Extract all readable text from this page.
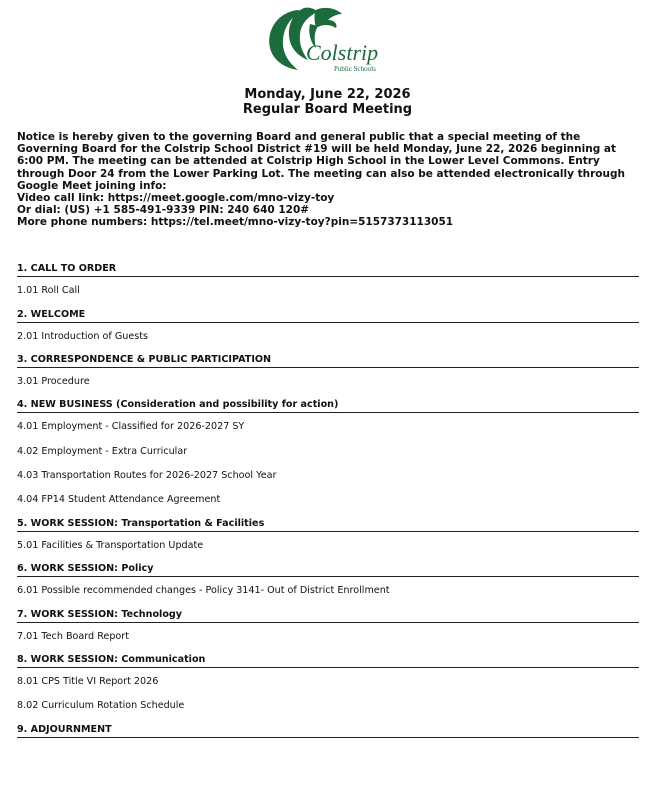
Colstrip
Public Schools
Monday, June 22, 2026
Regular Board Meeting

Notice is hereby given to the governing Board and general public that a special meeting of the

Governing Board for the Colstrip School District #19 will be held Monday, June 22, 2026 beginning at

6:00 PM. The meeting can be attended at Colstrip High School in the Lower Level Commons. Entry

through Door 24 from the Lower Parking Lot. The meeting can also be attended electronically through

Google Meet joining info:

Video call link: https://meet.google.com/mno-vizy-toy

Or dial: (US) +1 585-491-9339 PIN: 240 640 120#

More phone numbers: https://tel.meet/mno-vizy-toy?pin=5157373113051

1. CALL TO ORDER
1.01 Roll Call
2. WELCOME
2.01 Introduction of Guests
3. CORRESPONDENCE & PUBLIC PARTICIPATION
3.01 Procedure
4. NEW BUSINESS (Consideration and possibility for action)
4.01 Employment - Classified for 2026-2027 SY
4.02 Employment - Extra Curricular
4.03 Transportation Routes for 2026-2027 School Year
4.04 FP14 Student Attendance Agreement
5. WORK SESSION: Transportation & Facilities
5.01 Facilities & Transportation Update
6. WORK SESSION: Policy
6.01 Possible recommended changes - Policy 3141- Out of District Enrollment
7. WORK SESSION: Technology
7.01 Tech Board Report
8. WORK SESSION: Communication
8.01 CPS Title VI Report 2026
8.02 Curriculum Rotation Schedule
9. ADJOURNMENT
